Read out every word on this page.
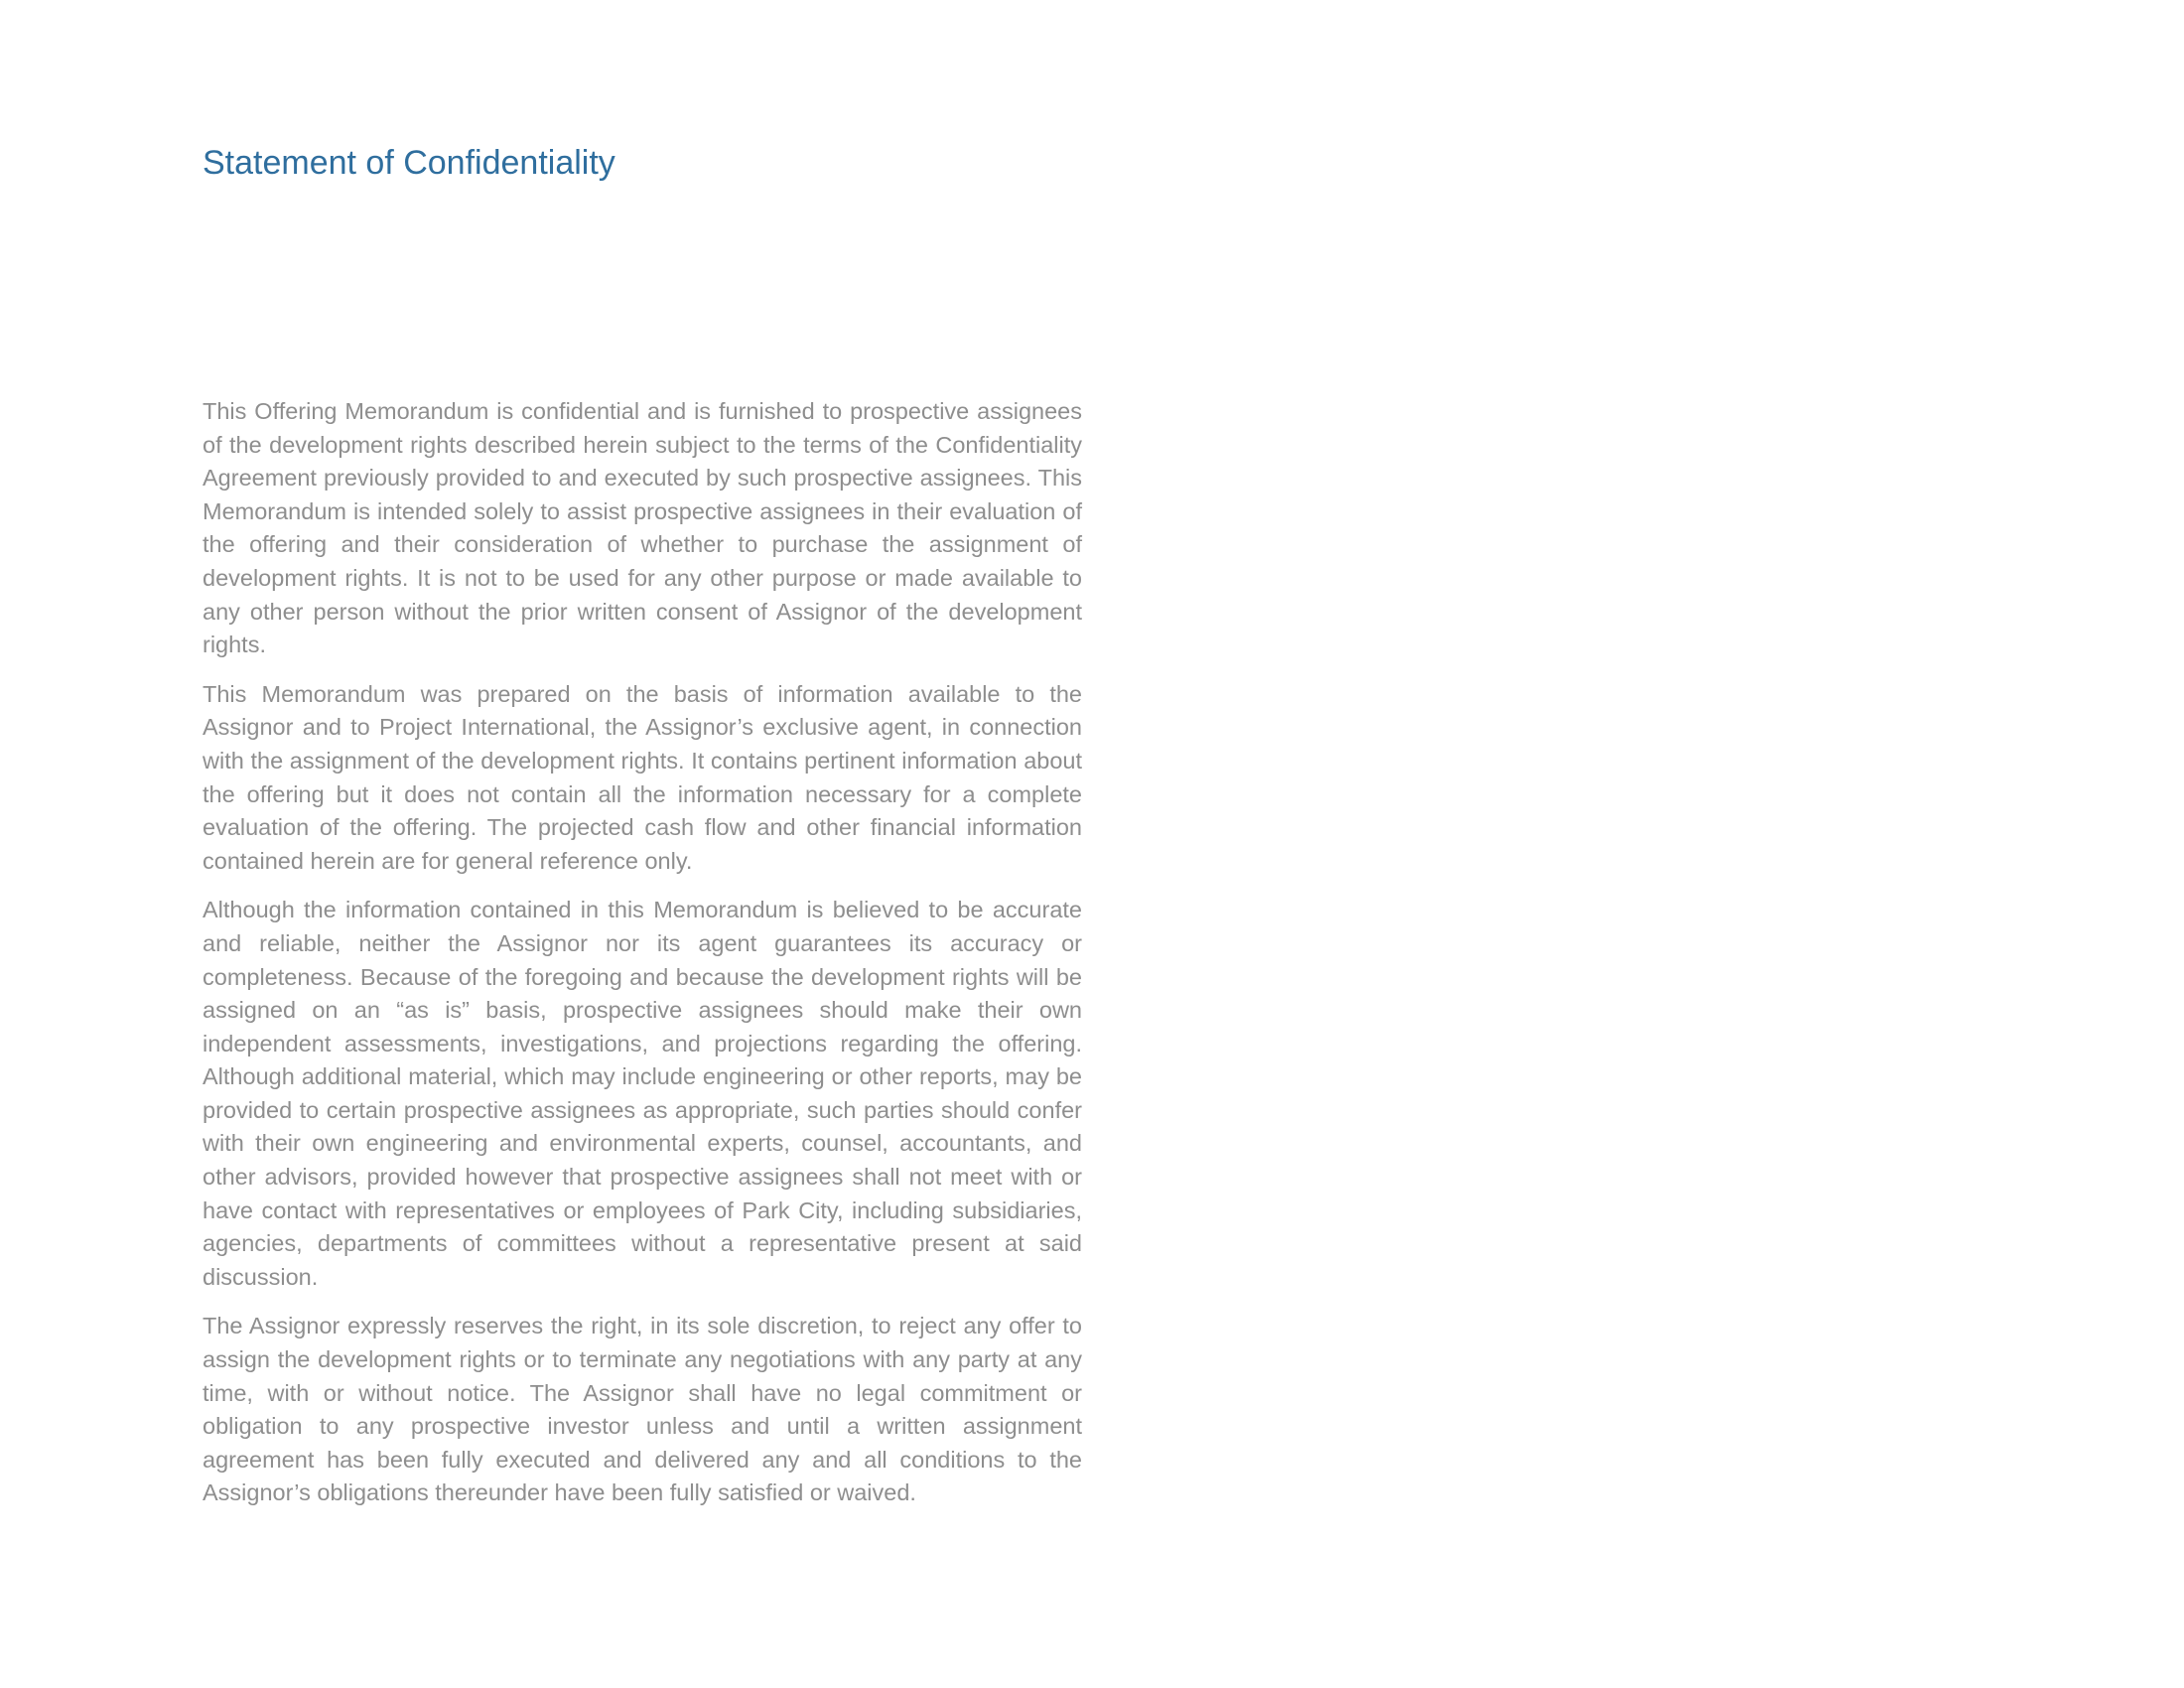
Statement of Confidentiality

This Offering Memorandum is confidential and is furnished to prospective assignees of the development rights described herein subject to the terms of the Confidentiality Agreement previously provided to and executed by such prospective assignees. This Memorandum is intended solely to assist prospective assignees in their evaluation of the offering and their consideration of whether to purchase the assignment of development rights. It is not to be used for any other purpose or made available to any other person without the prior written consent of Assignor of the development rights.

This Memorandum was prepared on the basis of information available to the Assignor and to Project International, the Assignor’s exclusive agent, in connection with the assignment of the development rights. It contains pertinent information about the offering but it does not contain all the information necessary for a complete evaluation of the offering. The projected cash flow and other financial information contained herein are for general reference only.

Although the information contained in this Memorandum is believed to be accurate and reliable, neither the Assignor nor its agent guarantees its accuracy or completeness. Because of the foregoing and because the development rights will be assigned on an “as is” basis, prospective assignees should make their own independent assessments, investigations, and projections regarding the offering. Although additional material, which may include engineering or other reports, may be provided to certain prospective assignees as appropriate, such parties should confer with their own engineering and environmental experts, counsel, accountants, and other advisors, provided however that prospective assignees shall not meet with or have contact with representatives or employees of Park City, including subsidiaries, agencies, departments of committees without a representative present at said discussion.

The Assignor expressly reserves the right, in its sole discretion, to reject any offer to assign the development rights or to terminate any negotiations with any party at any time, with or without notice. The Assignor shall have no legal commitment or obligation to any prospective investor unless and until a written assignment agreement has been fully executed and delivered any and all conditions to the Assignor’s obligations thereunder have been fully satisfied or waived.
